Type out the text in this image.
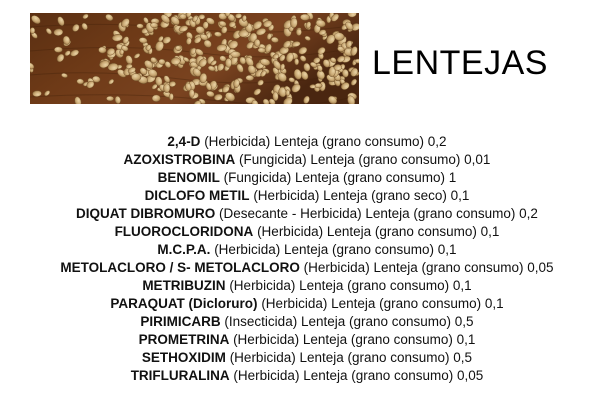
LENTEJAS
2,4-D (Herbicida) Lenteja (grano consumo) 0,2
AZOXISTROBINA (Fungicida) Lenteja (grano consumo) 0,01
BENOMIL (Fungicida) Lenteja (grano consumo) 1
DICLOFO METIL (Herbicida) Lenteja (grano seco) 0,1
DIQUAT DIBROMURO (Desecante - Herbicida) Lenteja (grano consumo) 0,2
FLUOROCLORIDONA (Herbicida) Lenteja (grano consumo) 0,1
M.C.P.A. (Herbicida) Lenteja (grano consumo) 0,1
METOLACLORO / S- METOLACLORO (Herbicida) Lenteja (grano consumo) 0,05
METRIBUZIN (Herbicida) Lenteja (grano consumo) 0,1
PARAQUAT (Dicloruro) (Herbicida) Lenteja (grano consumo) 0,1
PIRIMICARB (Insecticida) Lenteja (grano consumo) 0,5
PROMETRINA (Herbicida) Lenteja (grano consumo) 0,1
SETHOXIDIM (Herbicida) Lenteja (grano consumo) 0,5
TRIFLURALINA (Herbicida) Lenteja (grano consumo) 0,05
